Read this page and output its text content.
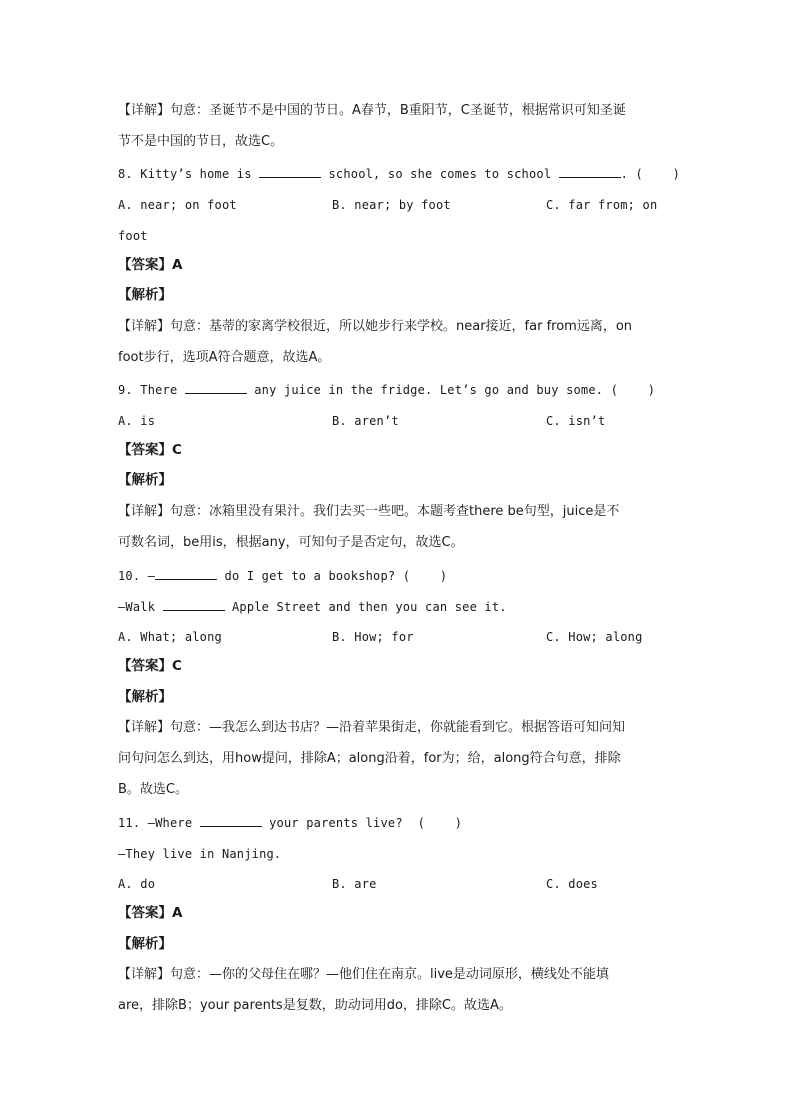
【详解】句意：圣诞节不是中国的节日。A春节，B重阳节，C圣诞节，根据常识可知圣诞
节不是中国的节日，故选C。
8. Kitty’s home is	school, so she comes to school	. (    )
A. near; on foot	B. near; by foot	C. far from; on
foot
【答案】A
【解析】
【详解】句意：基蒂的家离学校很近，所以她步行来学校。near接近，far from远离，on
foot步行，选项A符合题意，故选A。
9. There	any juice in the fridge. Let’s go and buy some. (    )
A. is	B. aren’t	C. isn’t
【答案】C
【解析】
【详解】句意：冰箱里没有果汁。我们去买一些吧。本题考查there be句型，juice是不
可数名词，be用is，根据any，可知句子是否定句，故选C。
10. —	do I get to a bookshop? (    )
—Walk	Apple Street and then you can see it.
A. What; along	B. How; for	C. How; along
【答案】C
【解析】
【详解】句意：—我怎么到达书店？—沿着苹果街走，你就能看到它。根据答语可知问知
问句问怎么到达，用how提问，排除A；along沿着，for为；给，along符合句意，排除
B。故选C。
11. —Where	your parents live?  (    )
—They live in Nanjing.
A. do	B. are	C. does
【答案】A
【解析】
【详解】句意：—你的父母住在哪？—他们住在南京。live是动词原形，横线处不能填
are，排除B；your parents是复数，助动词用do，排除C。故选A。
